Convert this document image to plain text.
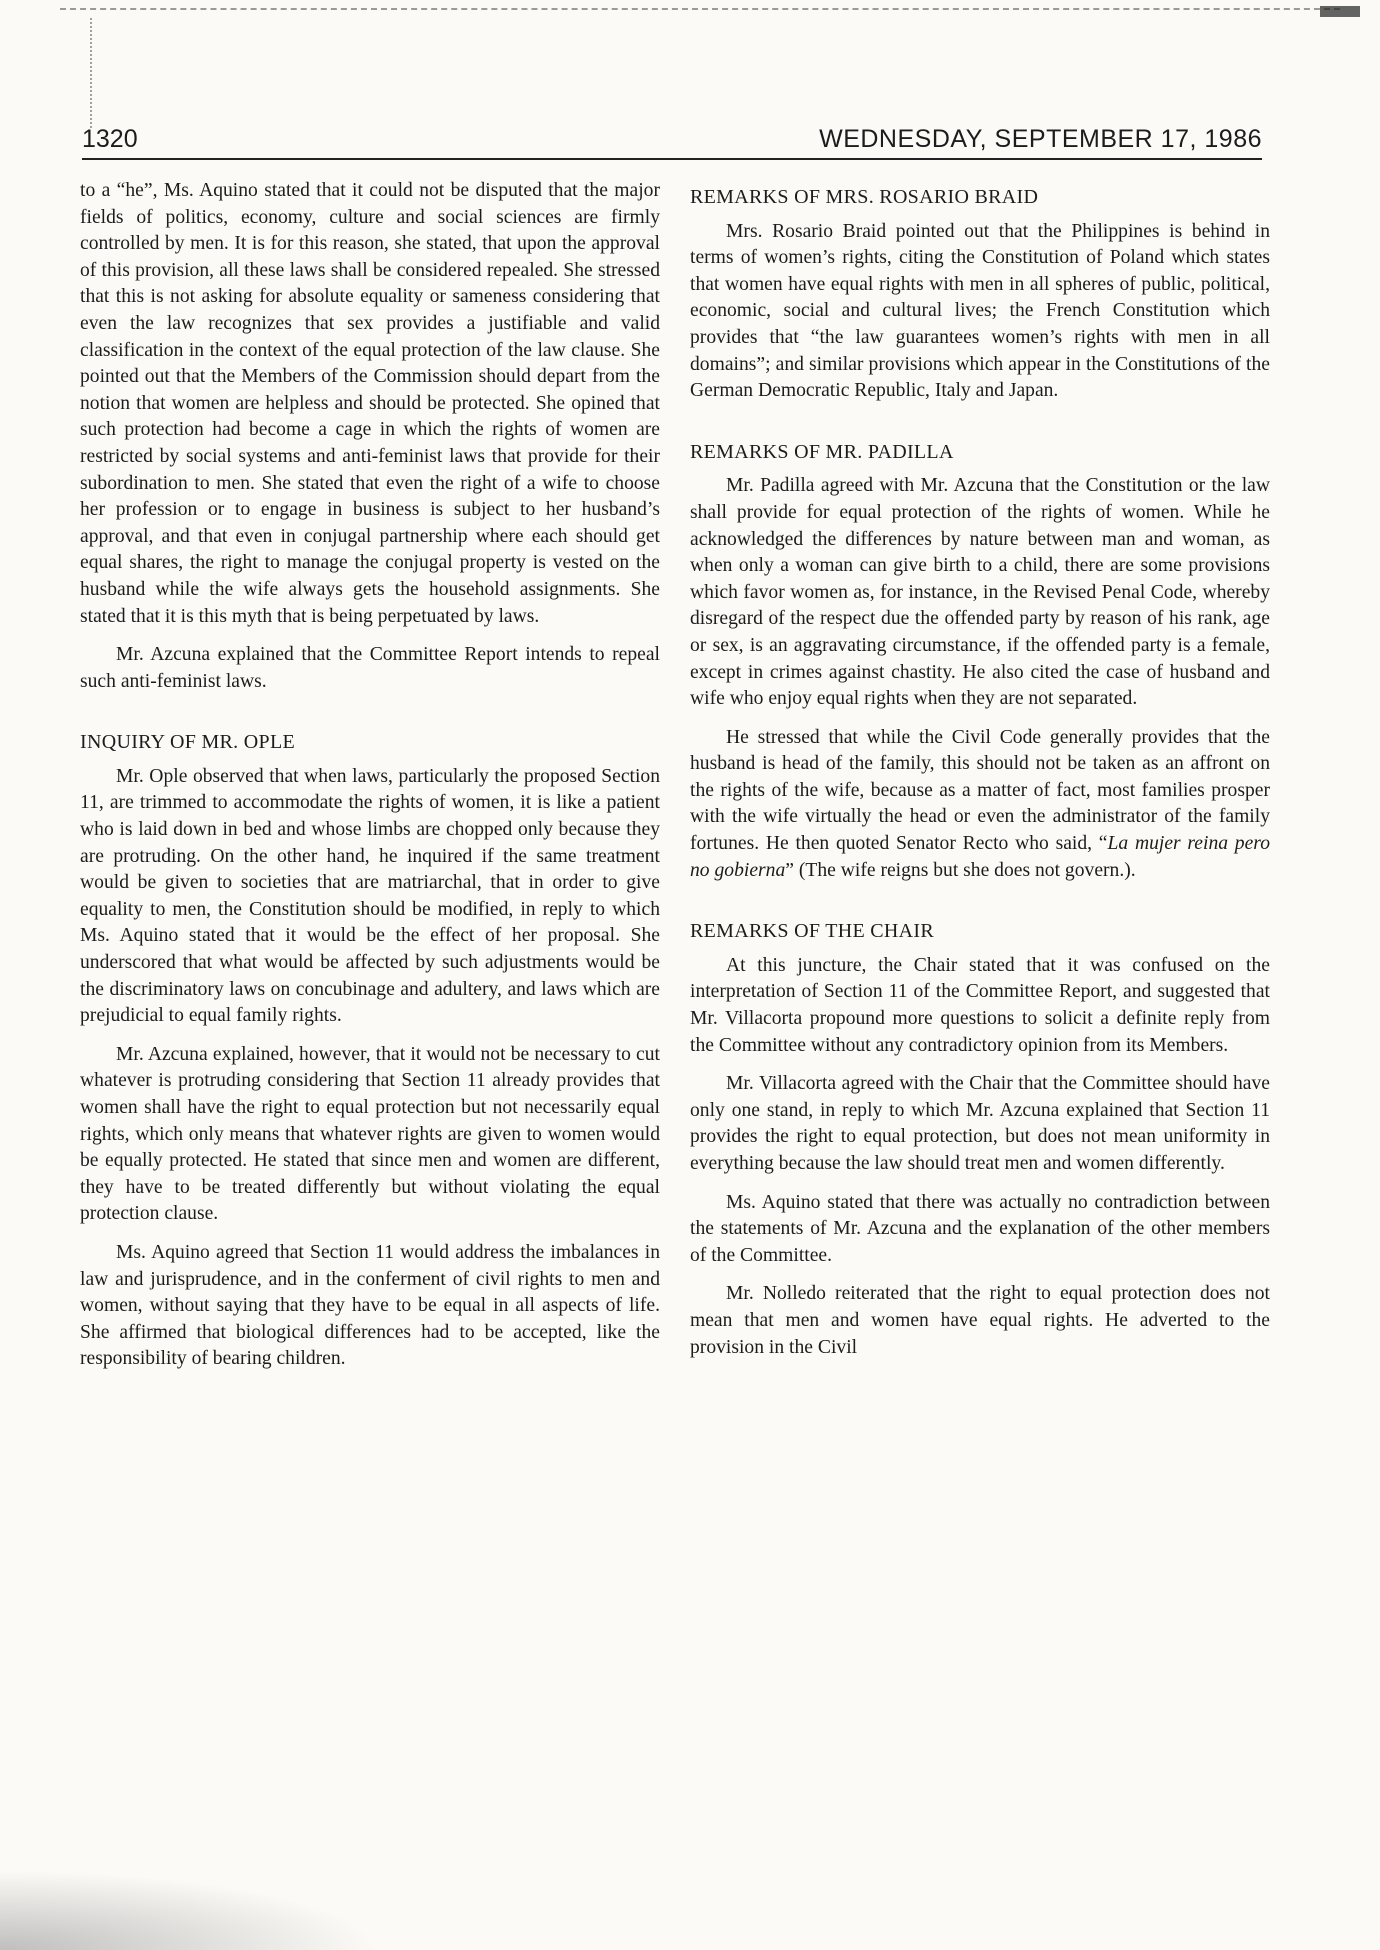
1320	WEDNESDAY, SEPTEMBER 17, 1986

to a “he”, Ms. Aquino stated that it could not be disputed that the major fields of politics, economy, culture and social sciences are firmly controlled by men. It is for this reason, she stated, that upon the approval of this provision, all these laws shall be considered repealed. She stressed that this is not asking for absolute equality or sameness considering that even the law recognizes that sex provides a justifiable and valid classification in the context of the equal protection of the law clause. She pointed out that the Members of the Commission should depart from the notion that women are helpless and should be protected. She opined that such protection had become a cage in which the rights of women are restricted by social systems and anti-feminist laws that provide for their subordination to men. She stated that even the right of a wife to choose her profession or to engage in business is subject to her husband’s approval, and that even in conjugal partnership where each should get equal shares, the right to manage the conjugal property is vested on the husband while the wife always gets the household assignments. She stated that it is this myth that is being perpetuated by laws.

Mr. Azcuna explained that the Committee Report intends to repeal such anti-feminist laws.

INQUIRY OF MR. OPLE

Mr. Ople observed that when laws, particularly the proposed Section 11, are trimmed to accommodate the rights of women, it is like a patient who is laid down in bed and whose limbs are chopped only because they are protruding. On the other hand, he inquired if the same treatment would be given to societies that are matriarchal, that in order to give equality to men, the Constitution should be modified, in reply to which Ms. Aquino stated that it would be the effect of her proposal. She underscored that what would be affected by such adjustments would be the discriminatory laws on concubinage and adultery, and laws which are prejudicial to equal family rights.

Mr. Azcuna explained, however, that it would not be necessary to cut whatever is protruding considering that Section 11 already provides that women shall have the right to equal protection but not necessarily equal rights, which only means that whatever rights are given to women would be equally protected. He stated that since men and women are different, they have to be treated differently but without violating the equal protection clause.

Ms. Aquino agreed that Section 11 would address the imbalances in law and jurisprudence, and in the conferment of civil rights to men and women, without saying that they have to be equal in all aspects of life. She affirmed that biological differences had to be accepted, like the responsibility of bearing children.

REMARKS OF MRS. ROSARIO BRAID

Mrs. Rosario Braid pointed out that the Philippines is behind in terms of women’s rights, citing the Constitution of Poland which states that women have equal rights with men in all spheres of public, political, economic, social and cultural lives; the French Constitution which provides that “the law guarantees women’s rights with men in all domains”; and similar provisions which appear in the Constitutions of the German Democratic Republic, Italy and Japan.

REMARKS OF MR. PADILLA

Mr. Padilla agreed with Mr. Azcuna that the Constitution or the law shall provide for equal protection of the rights of women. While he acknowledged the differences by nature between man and woman, as when only a woman can give birth to a child, there are some provisions which favor women as, for instance, in the Revised Penal Code, whereby disregard of the respect due the offended party by reason of his rank, age or sex, is an aggravating circumstance, if the offended party is a female, except in crimes against chastity. He also cited the case of husband and wife who enjoy equal rights when they are not separated.

He stressed that while the Civil Code generally provides that the husband is head of the family, this should not be taken as an affront on the rights of the wife, because as a matter of fact, most families prosper with the wife virtually the head or even the administrator of the family fortunes. He then quoted Senator Recto who said, “La mujer reina pero no gobierna” (The wife reigns but she does not govern.).

REMARKS OF THE CHAIR

At this juncture, the Chair stated that it was confused on the interpretation of Section 11 of the Committee Report, and suggested that Mr. Villacorta propound more questions to solicit a definite reply from the Committee without any contradictory opinion from its Members.

Mr. Villacorta agreed with the Chair that the Committee should have only one stand, in reply to which Mr. Azcuna explained that Section 11 provides the right to equal protection, but does not mean uniformity in everything because the law should treat men and women differently.

Ms. Aquino stated that there was actually no contradiction between the statements of Mr. Azcuna and the explanation of the other members of the Committee.

Mr. Nolledo reiterated that the right to equal protection does not mean that men and women have equal rights. He adverted to the provision in the Civil
